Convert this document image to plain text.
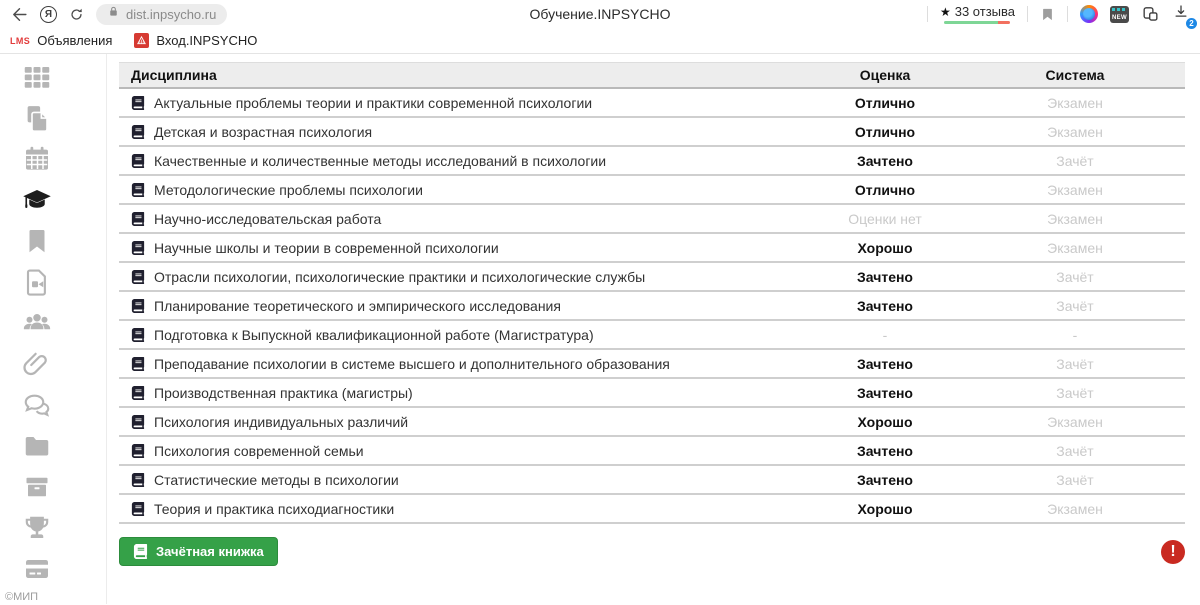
Я	dist.inpsycho.ru	Обучение.INPSYCHO	★ 33 отзыва	NEW
2
LMS Объявления	Вход.INPSYCHO
©МИП
Дисциплина	Оценка	Система
Актуальные проблемы теории и практики современной психологии	Отлично	Экзамен
Детская и возрастная психология	Отлично	Экзамен
Качественные и количественные методы исследований в психологии	Зачтено	Зачёт
Методологические проблемы психологии	Отлично	Экзамен
Научно-исследовательская работа	Оценки нет	Экзамен
Научные школы и теории в современной психологии	Хорошо	Экзамен
Отрасли психологии, психологические практики и психологические службы	Зачтено	Зачёт
Планирование теоретического и эмпирического исследования	Зачтено	Зачёт
Подготовка к Выпускной квалификационной работе (Магистратура)	-	-
Преподавание психологии в системе высшего и дополнительного образования	Зачтено	Зачёт
Производственная практика (магистры)	Зачтено	Зачёт
Психология индивидуальных различий	Хорошо	Экзамен
Психология современной семьи	Зачтено	Зачёт
Статистические методы в психологии	Зачтено	Зачёт
Теория и практика психодиагностики	Хорошо	Экзамен
Зачётная книжка	!
